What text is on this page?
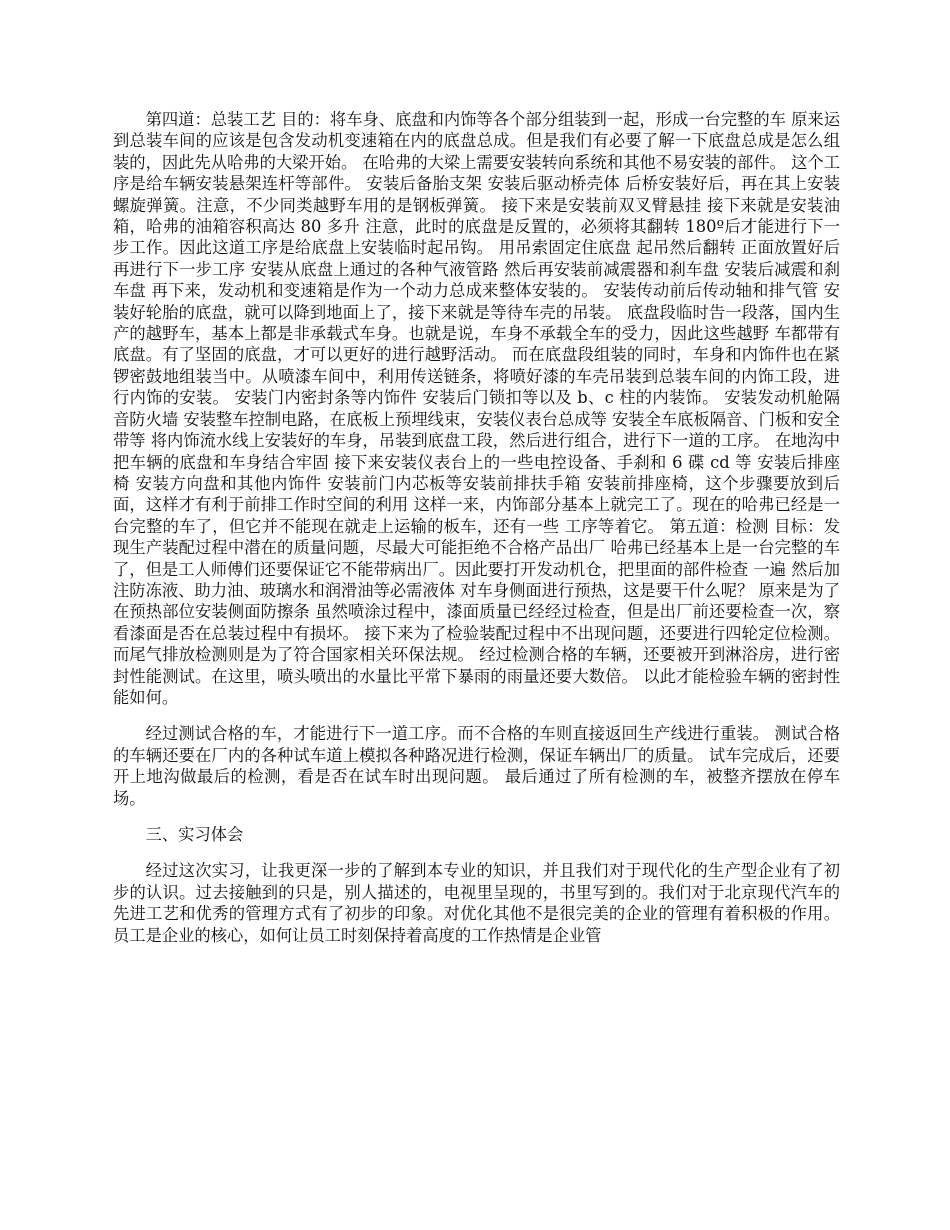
第四道：总装工艺 目的：将车身、底盘和内饰等各个部分组装到一起，形成一台完整的车 原来运到总装车间的应该是包含发动机变速箱在内的底盘总成。但是我们有必要了解一下底盘总成是怎么组装的，因此先从哈弗的大梁开始。 在哈弗的大梁上需要安装转向系统和其他不易安装的部件。 这个工序是给车辆安装悬架连杆等部件。 安装后备胎支架 安装后驱动桥壳体 后桥安装好后，再在其上安装螺旋弹簧。注意，不少同类越野车用的是钢板弹簧。 接下来是安装前双叉臂悬挂 接下来就是安装油箱，哈弗的油箱容积高达 80 多升 注意，此时的底盘是反置的，必须将其翻转 180º后才能进行下一步工作。因此这道工序是给底盘上安装临时起吊钩。 用吊索固定住底盘 起吊然后翻转 正面放置好后再进行下一步工序 安装从底盘上通过的各种气液管路 然后再安装前减震器和刹车盘 安装后减震和刹车盘 再下来，发动机和变速箱是作为一个动力总成来整体安装的。 安装传动前后传动轴和排气管 安装好轮胎的底盘，就可以降到地面上了，接下来就是等待车壳的吊装。 底盘段临时告一段落，国内生产的越野车，基本上都是非承载式车身。也就是说，车身不承载全车的受力，因此这些越野 车都带有底盘。有了坚固的底盘，才可以更好的进行越野活动。 而在底盘段组装的同时，车身和内饰件也在紧锣密鼓地组装当中。从喷漆车间中，利用传送链条，将喷好漆的车壳吊装到总装车间的内饰工段，进行内饰的安装。 安装门内密封条等内饰件 安装后门锁扣等以及 b、c 柱的内装饰。 安装发动机舱隔音防火墙 安装整车控制电路，在底板上预埋线束，安装仪表台总成等 安装全车底板隔音、门板和安全带等 将内饰流水线上安装好的车身，吊装到底盘工段，然后进行组合，进行下一道的工序。 在地沟中把车辆的底盘和车身结合牢固 接下来安装仪表台上的一些电控设备、手刹和 6 碟 cd 等 安装后排座椅 安装方向盘和其他内饰件 安装前门内芯板等安装前排扶手箱 安装前排座椅，这个步骤要放到后面，这样才有利于前排工作时空间的利用 这样一来，内饰部分基本上就完工了。现在的哈弗已经是一台完整的车了，但它并不能现在就走上运输的板车，还有一些 工序等着它。 第五道：检测 目标：发现生产装配过程中潜在的质量问题，尽最大可能拒绝不合格产品出厂 哈弗已经基本上是一台完整的车了，但是工人师傅们还要保证它不能带病出厂。因此要打开发动机仓，把里面的部件检查 一遍 然后加注防冻液、助力油、玻璃水和润滑油等必需液体 对车身侧面进行预热，这是要干什么呢？ 原来是为了在预热部位安装侧面防擦条 虽然喷涂过程中，漆面质量已经经过检查，但是出厂前还要检查一次，察看漆面是否在总装过程中有损坏。 接下来为了检验装配过程中不出现问题，还要进行四轮定位检测。而尾气排放检测则是为了符合国家相关环保法规。 经过检测合格的车辆，还要被开到淋浴房，进行密封性能测试。在这里，喷头喷出的水量比平常下暴雨的雨量还要大数倍。 以此才能检验车辆的密封性能如何。

经过测试合格的车，才能进行下一道工序。而不合格的车则直接返回生产线进行重装。 测试合格的车辆还要在厂内的各种试车道上模拟各种路况进行检测，保证车辆出厂的质量。 试车完成后，还要开上地沟做最后的检测，看是否在试车时出现问题。 最后通过了所有检测的车，被整齐摆放在停车场。

三、实习体会

经过这次实习，让我更深一步的了解到本专业的知识，并且我们对于现代化的生产型企业有了初步的认识。过去接触到的只是，别人描述的，电视里呈现的，书里写到的。我们对于北京现代汽车的先进工艺和优秀的管理方式有了初步的印象。对优化其他不是很完美的企业的管理有着积极的作用。员工是企业的核心，如何让员工时刻保持着高度的工作热情是企业管
